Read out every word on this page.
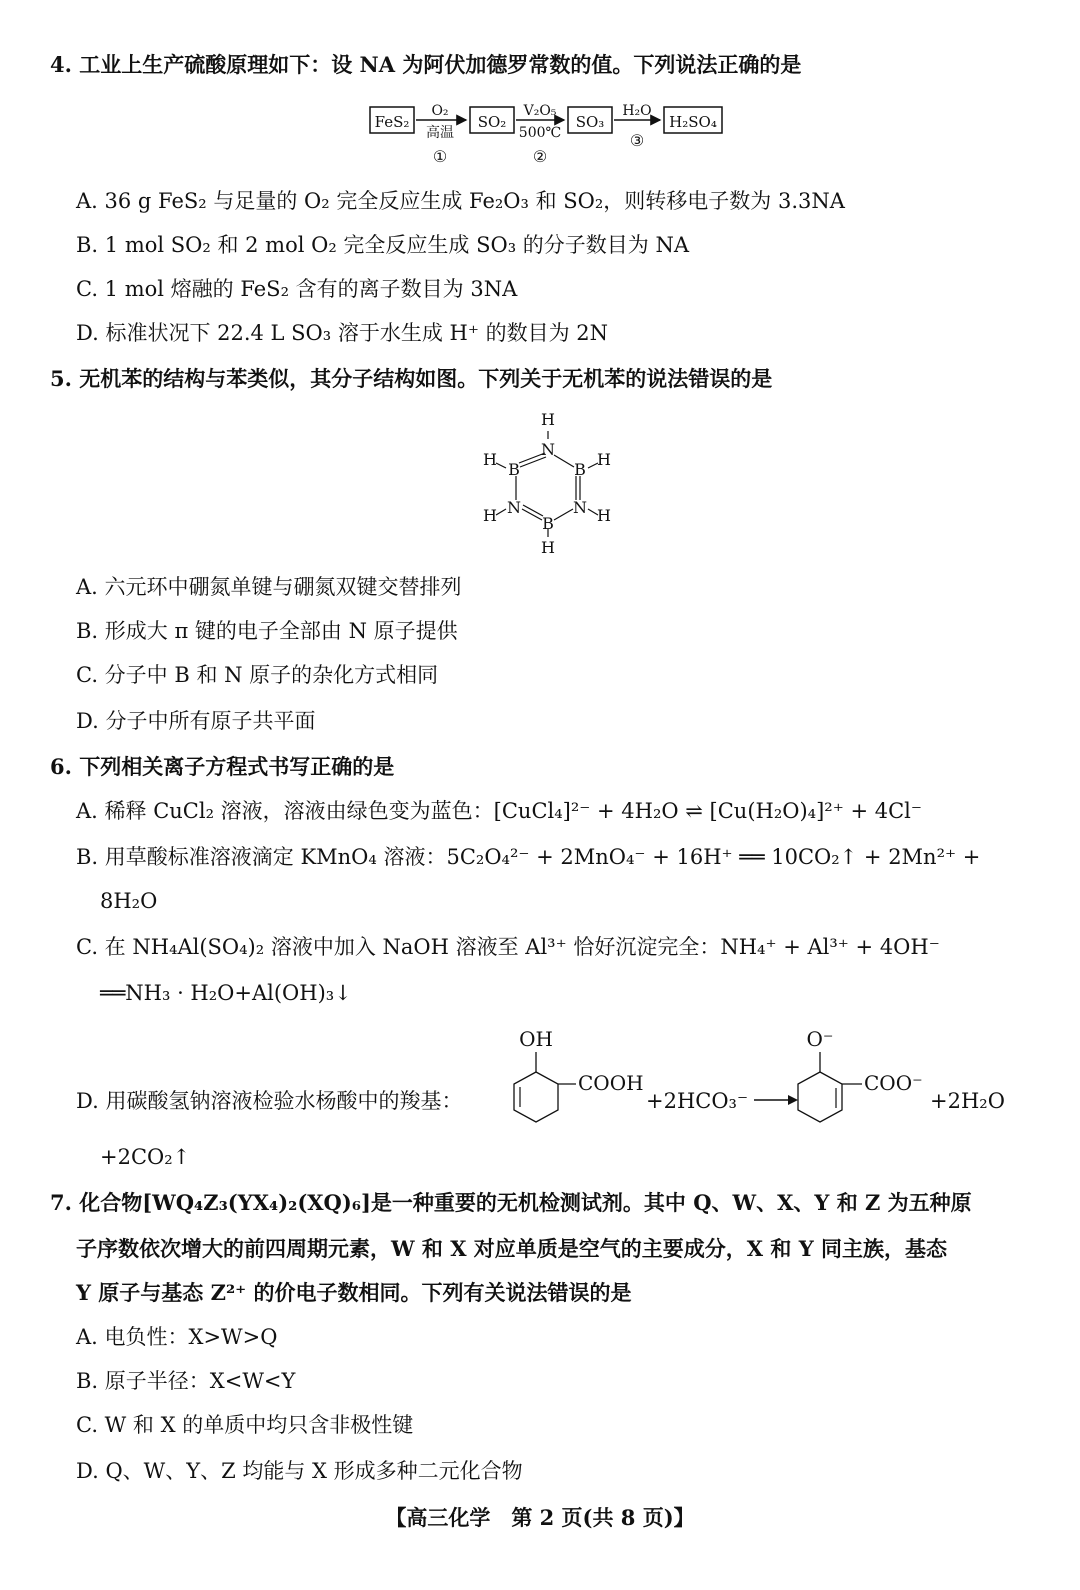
4. 工业上生产硫酸原理如下：设 NA 为阿伏加德罗常数的值。下列说法正确的是
FeS₂
O₂
高温
①
SO₂
V₂O₅
500℃
②
SO₃
H₂O
③
H₂SO₄
A. 36 g FeS₂ 与足量的 O₂ 完全反应生成 Fe₂O₃ 和 SO₂，则转移电子数为 3.3NA
B. 1 mol SO₂ 和 2 mol O₂ 完全反应生成 SO₃ 的分子数目为 NA
C. 1 mol 熔融的 FeS₂ 含有的离子数目为 3NA
D. 标准状况下 22.4 L SO₃ 溶于水生成 H⁺ 的数目为 2N
5. 无机苯的结构与苯类似，其分子结构如图。下列关于无机苯的说法错误的是
H
N
B
H
B
H
N
H	N H
B
H
A. 六元环中硼氮单键与硼氮双键交替排列
B. 形成大 π 键的电子全部由 N 原子提供
C. 分子中 B 和 N 原子的杂化方式相同
D. 分子中所有原子共平面
6. 下列相关离子方程式书写正确的是
A. 稀释 CuCl₂ 溶液，溶液由绿色变为蓝色：[CuCl₄]²⁻ + 4H₂O ⇌ [Cu(H₂O)₄]²⁺ + 4Cl⁻
B. 用草酸标准溶液滴定 KMnO₄ 溶液：5C₂O₄²⁻ + 2MnO₄⁻ + 16H⁺ ══ 10CO₂↑ + 2Mn²⁺ +
8H₂O
C. 在 NH₄Al(SO₄)₂ 溶液中加入 NaOH 溶液至 Al³⁺ 恰好沉淀完全：NH₄⁺ + Al³⁺ + 4OH⁻
══NH₃ · H₂O+Al(OH)₃↓
D. 用碳酸氢钠溶液检验水杨酸中的羧基：
OH
COOH
+2HCO₃⁻
O⁻
COO⁻
+2H₂O
+2CO₂↑
7. 化合物[WQ₄Z₃(YX₄)₂(XQ)₆]是一种重要的无机检测试剂。其中 Q、W、X、Y 和 Z 为五种原
子序数依次增大的前四周期元素，W 和 X 对应单质是空气的主要成分，X 和 Y 同主族，基态
Y 原子与基态 Z²⁺ 的价电子数相同。下列有关说法错误的是
A. 电负性：X>W>Q
B. 原子半径：X<W<Y
C. W 和 X 的单质中均只含非极性键
D. Q、W、Y、Z 均能与 X 形成多种二元化合物
【高三化学　第 2 页(共 8 页)】
